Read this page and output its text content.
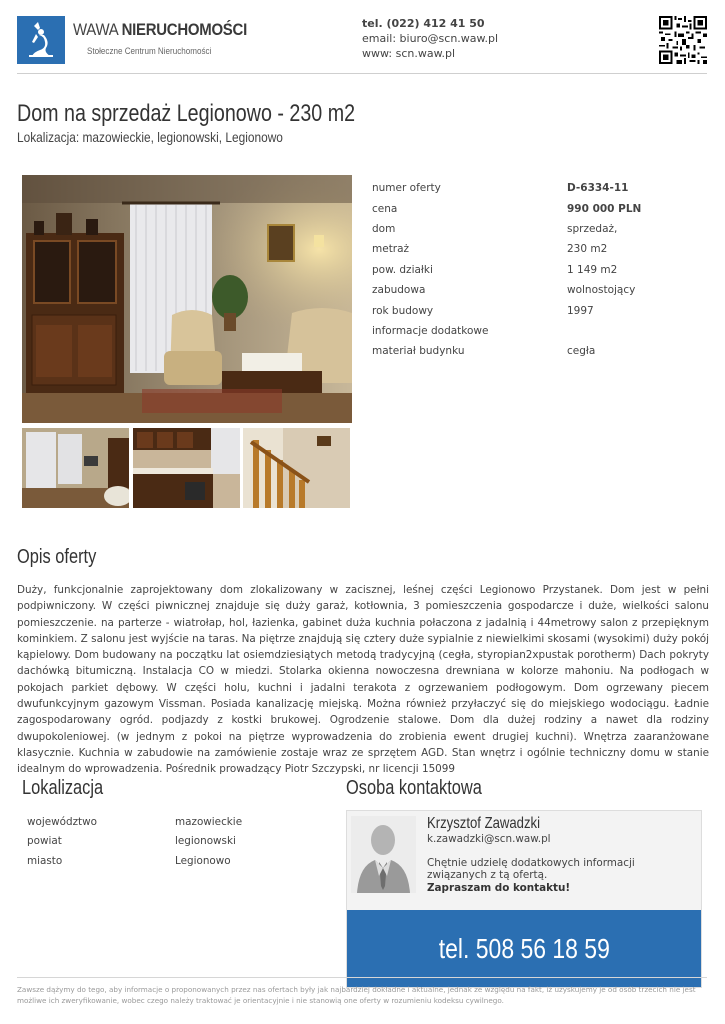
WAWA NIERUCHOMOŚCI
Stołeczne Centrum Nieruchomości
tel. (022) 412 41 50
email: biuro@scn.waw.pl
www: scn.waw.pl
Dom na sprzedaż Legionowo - 230 m2
Lokalizacja: mazowieckie, legionowski, Legionowo
numer oferty	D-6334-11
cena	990 000 PLN
dom	sprzedaż,
metraż	230 m2
pow. działki	1 149 m2
zabudowa	wolnostojący
rok budowy	1997
informacje dodatkowe
materiał budynku	cegła
Opis oferty
Duży, funkcjonalnie zaprojektowany dom zlokalizowany w zacisznej, leśnej części Legionowo Przystanek. Dom jest w pełni podpiwniczony. W części piwnicznej znajduje się duży garaż, kotłownia, 3 pomieszczenia gospodarcze i duże, wielkości salonu pomieszczenie. na parterze - wiatrołap, hol, łazienka, gabinet duża kuchnia połaczona z jadalnią i 44metrowy salon z przepięknym kominkiem. Z salonu jest wyjście na taras. Na piętrze znajdują się cztery duże sypialnie z niewielkimi skosami (wysokimi) duży pokój kąpielowy. Dom budowany na początku lat osiemdziesiątych metodą tradycyjną (cegła, styropian2xpustak porotherm) Dach pokryty dachówką bitumiczną. Instalacja CO w miedzi. Stolarka okienna nowoczesna drewniana w kolorze mahoniu. Na podłogach w pokojach parkiet dębowy. W części holu, kuchni i jadalni terakota z ogrzewaniem podłogowym. Dom ogrzewany piecem dwufunkcyjnym gazowym Vissman. Posiada kanalizację miejską. Można również przyłaczyć się do miejskiego wodociągu. Ładnie zagospodarowany ogród. podjazdy z kostki brukowej. Ogrodzenie stalowe. Dom dla dużej rodziny a nawet dla rodziny dwupokoleniowej. (w jednym z pokoi na piętrze wyprowadzenia do zrobienia ewent drugiej kuchni). Wnętrza zaaranżowane klasycznie. Kuchnia w zabudowie na zamówienie zostaje wraz ze sprzętem AGD. Stan wnętrz i ogólnie techniczny domu w stanie idealnym do wprowadzenia. Pośrednik prowadzący Piotr Szczypski, nr licencji 15099
Lokalizacja
województwo	mazowieckie
powiat	legionowski
miasto	Legionowo
Osoba kontaktowa
Krzysztof Zawadzki
k.zawadzki@scn.waw.pl
Chętnie udzielę dodatkowych informacji związanych z tą ofertą.
Zapraszam do kontaktu!
tel. 508 56 18 59
Zawsze dążymy do tego, aby informacje o proponowanych przez nas ofertach były jak najbardziej dokładne i aktualne, jednak ze względu na fakt, iż uzyskujemy je od osób trzecich nie jest możliwe ich zweryfikowanie, wobec czego należy traktować je orientacyjnie i nie stanowią one oferty w rozumieniu kodeksu cywilnego.
